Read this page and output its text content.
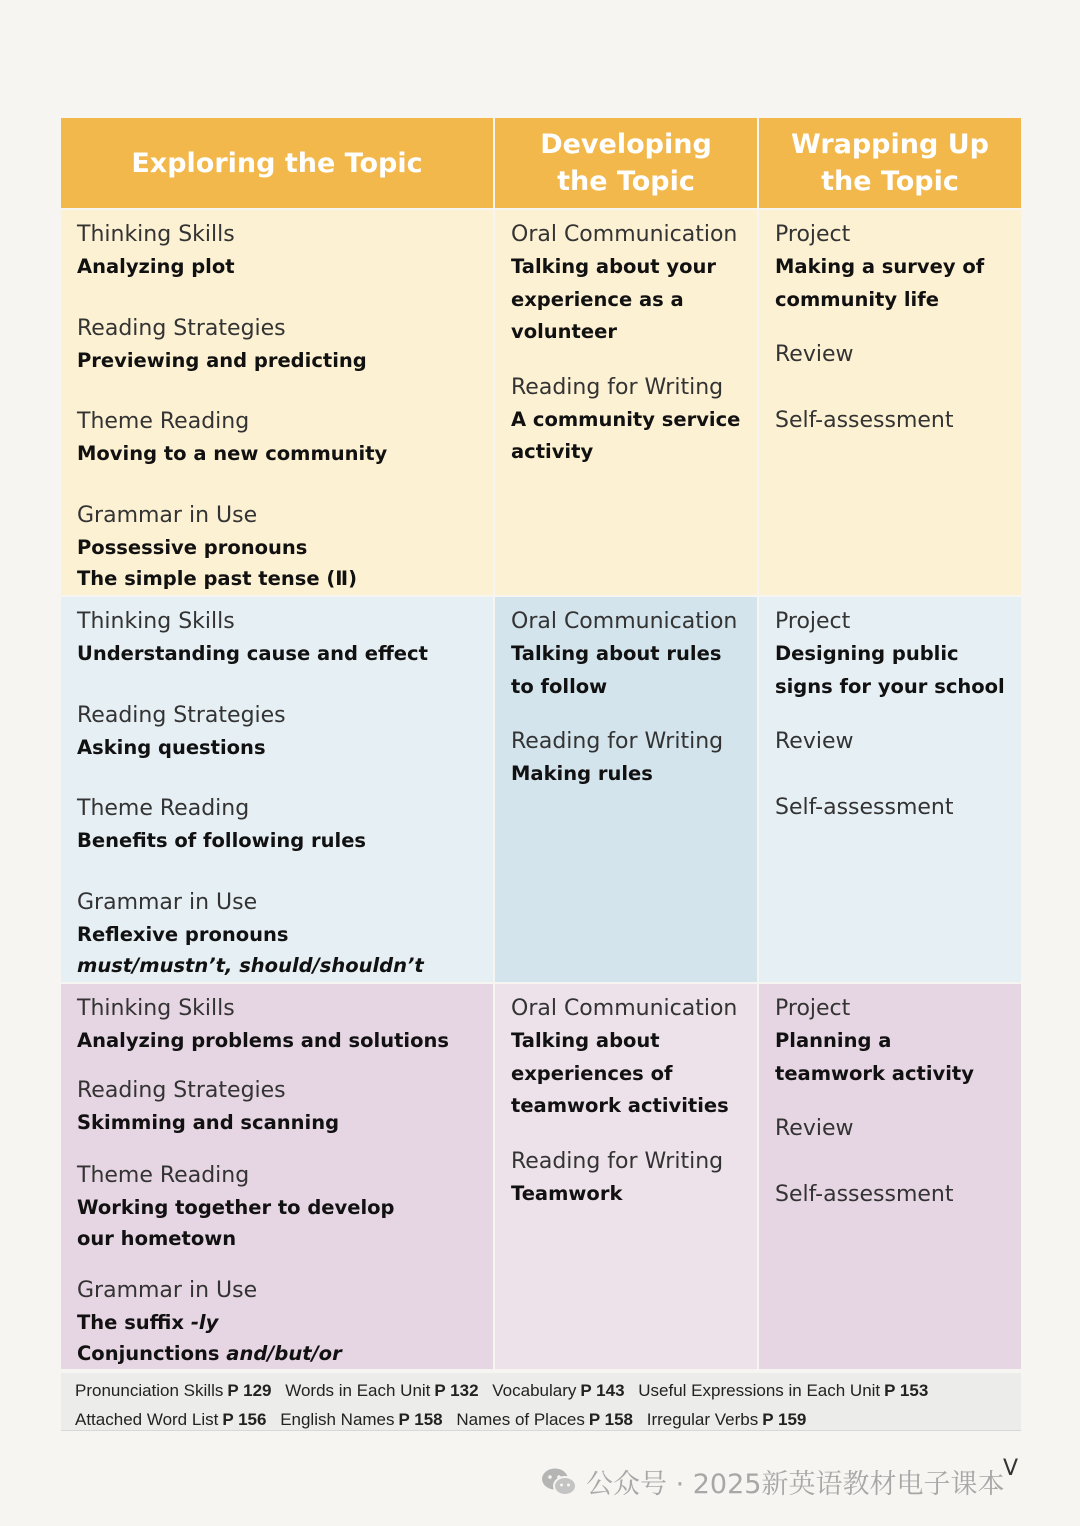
Exploring the Topic
Developing
the Topic
Wrapping Up
the Topic
Thinking Skills
Analyzing plot
Reading Strategies
Previewing and predicting
Theme Reading
Moving to a new community
Grammar in Use
Possessive pronouns
The simple past tense (Ⅱ)
Oral Communication
Talking about your experience as a volunteer
Reading for Writing
A community service activity
Project
Making a survey of community life
Review
Self-assessment
Thinking Skills
Understanding cause and effect
Reading Strategies
Asking questions
Theme Reading
Benefits of following rules
Grammar in Use
Reflexive pronouns
must/mustn’t, should/shouldn’t
Oral Communication
Talking about rules to follow
Reading for Writing
Making rules
Project
Designing public signs for your school
Review
Self-assessment
Thinking Skills
Analyzing problems and solutions
Reading Strategies
Skimming and scanning
Theme Reading
Working together to develop our hometown
Grammar in Use
The suffix -ly
Conjunctions and/but/or
Oral Communication
Talking about experiences of teamwork activities
Reading for Writing
Teamwork
Project
Planning a teamwork activity
Review
Self-assessment
Pronunciation Skills P 129 Words in Each Unit P 132 Vocabulary P 143 Useful Expressions in Each Unit P 153
Attached Word List P 156 English Names P 158 Names of Places P 158 Irregular Verbs P 159
公众号 · 2025新英语教材电子课本
V
